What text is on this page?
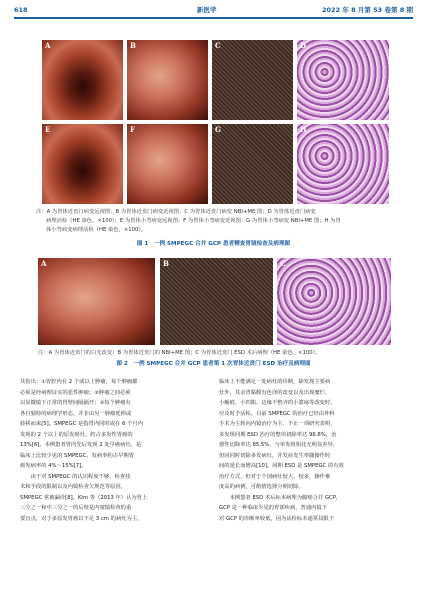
618	新医学	2022 年 8 月第 53 卷第 8 期
A	B	C	D
E	F	G	H
注：A 为胃体近贲门病变远视图；B 为胃体近贲门病变近视图；C 为胃体近贲门病变 NBI+ME 图；D 为胃体近贲门病变
病理活检（HE 染色，×100）；E 为胃体小弯病变远视图；F 为胃体小弯病变近视图；G 为胃体小弯病变 NBI+ME 图；H 为胃
体小弯病变病理活检（HE 染色，×100）。
图 1　一例 SMPEGC 合并 GCP 患者精查胃镜检查及病理图
A	B	C
注：A 为胃体近贲门的白光改变；B 为胃体近贲门的 NBI+ME 图；C 为胃体近贲门 ESD 术后病理（HE 染色，×100）。
图 2　一例 SMPEGC 合并 GCP 患者第 1 次胃体近贲门 ESD 治疗及病理图

其指出：①胃腔内有 2 个或以上肿瘤，每个肿瘤都

必须是经病理证实的恶性肿瘤；②肿瘤之间必须

以显微镜下正常的胃壁间隔隔开；③每个肿瘤有

各自独特的病理学形态，并非由另一肿瘤延伸或

转移而来[5]。SMPEGC 是指胃内同时或在 6 个月内

发现的 2 个以上的原发癌灶，约占多发性胃癌的

13%[6]。本例患者胃内先后发现 2 处早癌病灶，是

临床上比较少见的 SMPEGC。发病率约占早期胃

癌发病率的 4%～15%[7]。

　　由于对 SMPEGC 的认识程度不够、检查技

术和手段的限制以及内镜检查欠规范等原因，

SMPEGC 常被漏诊[8]。Kim 等（2013 年）认为胃上

三分之一和中三分之一的后壁是内窥镜检查的重

要盲点，对于多原发胃癌以不足 3 cm 的病灶为主，

临床上不能满足一处病灶的诊断，除发现主要病

灶外，其余胃黏膜有色泽的改变以及出现糜烂、

小瘢痕、小凹陷、边缘不整齐的小溃疡等改变时，

应及时予活检。目前 SMPEGC 的治疗已经由外科

手术为主转向内镜治疗为主，不止一项研究表明，

多发组同期 ESD 治疗的整块切除率达 96.8%，治

愈性切除率达 85.5%，与单发组相比无明显差异，

但因同时切除多发病灶，并发症发生率随操作时

间的延长而增高[10]。同期 ESD 是 SMPEGC 的有效

治疗方式，但对于个别病灶较大、较多，操作难

度高的病例，可酌情选择分期切除。

　　本例患者 ESD 术后标本病理为腺癌合并 GCP，

GCP 是一种临床少见的胃部疾病，普通内镜下

对 GCP 的诊断率较低，因为活检标本通常局限于
